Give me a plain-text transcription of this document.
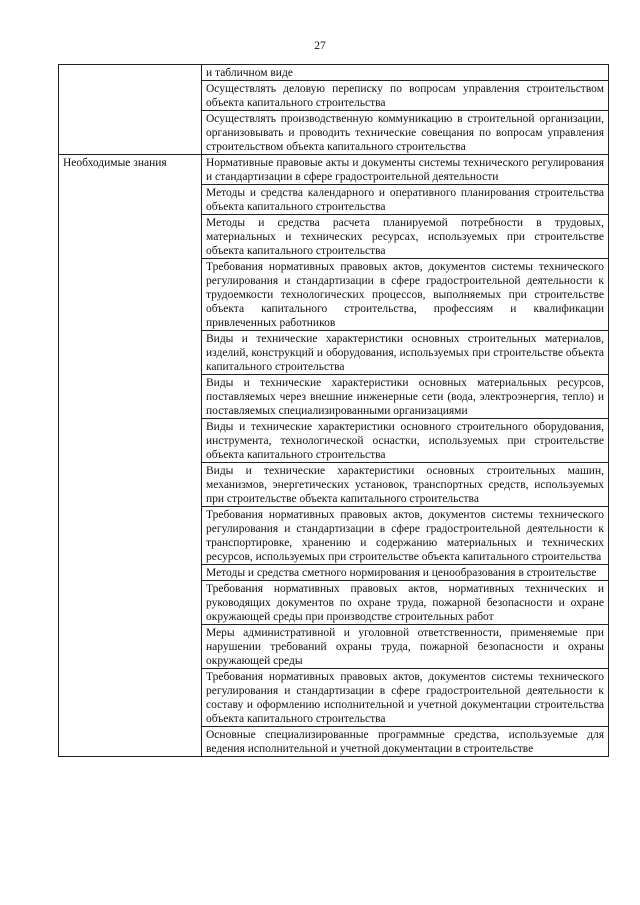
27
	и табличном виде
	Осуществлять деловую переписку по вопросам управления строительством объекта капитального строительства
	Осуществлять производственную коммуникацию в строительной организации, организовывать и проводить технические совещания по вопросам управления строительством объекта капитального строительства
Необходимые знания	Нормативные правовые акты и документы системы технического регулирования и стандартизации в сфере градостроительной деятельности
	Методы и средства календарного и оперативного планирования строительства объекта капитального строительства
	Методы и средства расчета планируемой потребности в трудовых, материальных и технических ресурсах, используемых при строительстве объекта капитального строительства
	Требования нормативных правовых актов, документов системы технического регулирования и стандартизации в сфере градостроительной деятельности к трудоемкости технологических процессов, выполняемых при строительстве объекта капитального строительства, профессиям и квалификации привлеченных работников
	Виды и технические характеристики основных строительных материалов, изделий, конструкций и оборудования, используемых при строительстве объекта капитального строительства
	Виды и технические характеристики основных материальных ресурсов, поставляемых через внешние инженерные сети (вода, электроэнергия, тепло) и поставляемых специализированными организациями
	Виды и технические характеристики основного строительного оборудования, инструмента, технологической оснастки, используемых при строительстве объекта капитального строительства
	Виды и технические характеристики основных строительных машин, механизмов, энергетических установок, транспортных средств, используемых при строительстве объекта капитального строительства
	Требования нормативных правовых актов, документов системы технического регулирования и стандартизации в сфере градостроительной деятельности к транспортировке, хранению и содержанию материальных и технических ресурсов, используемых при строительстве объекта капитального строительства
	Методы и средства сметного нормирования и ценообразования в строительстве
	Требования нормативных правовых актов, нормативных технических и руководящих документов по охране труда, пожарной безопасности и охране окружающей среды при производстве строительных работ
	Меры административной и уголовной ответственности, применяемые при нарушении требований охраны труда, пожарной безопасности и охраны окружающей среды
	Требования нормативных правовых актов, документов системы технического регулирования и стандартизации в сфере градостроительной деятельности к составу и оформлению исполнительной и учетной документации строительства объекта капитального строительства
	Основные специализированные программные средства, используемые для ведения исполнительной и учетной документации в строительстве
